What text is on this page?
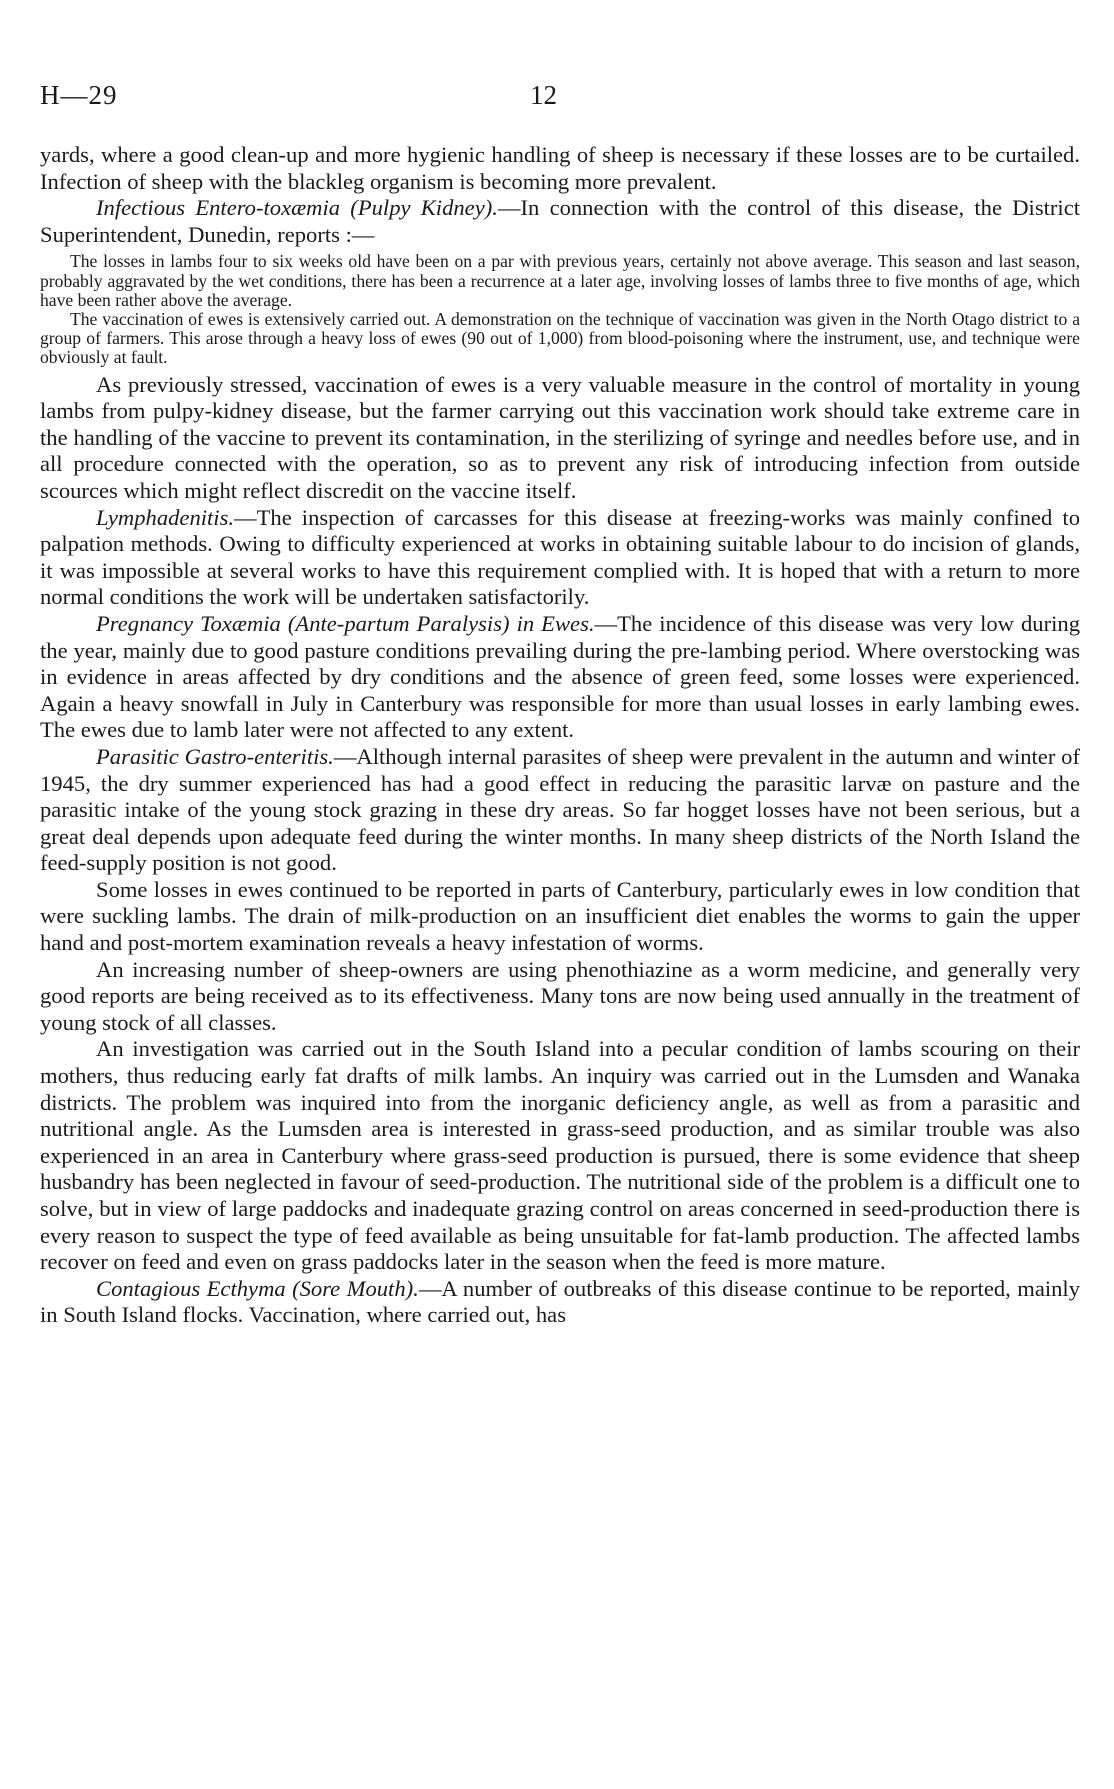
H—29	12

yards, where a good clean-up and more hygienic handling of sheep is necessary if these losses are to be curtailed. Infection of sheep with the blackleg organism is becoming more prevalent.

Infectious Entero-toxæmia (Pulpy Kidney).—In connection with the control of this disease, the District Superintendent, Dunedin, reports :—

The losses in lambs four to six weeks old have been on a par with previous years, certainly not above average. This season and last season, probably aggravated by the wet conditions, there has been a recurrence at a later age, involving losses of lambs three to five months of age, which have been rather above the average.

The vaccination of ewes is extensively carried out. A demonstration on the technique of vaccination was given in the North Otago district to a group of farmers. This arose through a heavy loss of ewes (90 out of 1,000) from blood-poisoning where the instrument, use, and technique were obviously at fault.

As previously stressed, vaccination of ewes is a very valuable measure in the control of mortality in young lambs from pulpy-kidney disease, but the farmer carrying out this vaccination work should take extreme care in the handling of the vaccine to prevent its contamination, in the sterilizing of syringe and needles before use, and in all procedure connected with the operation, so as to prevent any risk of introducing infection from outside scources which might reflect discredit on the vaccine itself.

Lymphadenitis.—The inspection of carcasses for this disease at freezing-works was mainly confined to palpation methods. Owing to difficulty experienced at works in obtaining suitable labour to do incision of glands, it was impossible at several works to have this requirement complied with. It is hoped that with a return to more normal conditions the work will be undertaken satisfactorily.

Pregnancy Toxæmia (Ante-partum Paralysis) in Ewes.—The incidence of this disease was very low during the year, mainly due to good pasture conditions prevailing during the pre-lambing period. Where overstocking was in evidence in areas affected by dry conditions and the absence of green feed, some losses were experienced. Again a heavy snowfall in July in Canterbury was responsible for more than usual losses in early lambing ewes. The ewes due to lamb later were not affected to any extent.

Parasitic Gastro-enteritis.—Although internal parasites of sheep were prevalent in the autumn and winter of 1945, the dry summer experienced has had a good effect in reducing the parasitic larvæ on pasture and the parasitic intake of the young stock grazing in these dry areas. So far hogget losses have not been serious, but a great deal depends upon adequate feed during the winter months. In many sheep districts of the North Island the feed-supply position is not good.

Some losses in ewes continued to be reported in parts of Canterbury, particularly ewes in low condition that were suckling lambs. The drain of milk-production on an insufficient diet enables the worms to gain the upper hand and post-mortem examination reveals a heavy infestation of worms.

An increasing number of sheep-owners are using phenothiazine as a worm medicine, and generally very good reports are being received as to its effectiveness. Many tons are now being used annually in the treatment of young stock of all classes.

An investigation was carried out in the South Island into a pecular condition of lambs scouring on their mothers, thus reducing early fat drafts of milk lambs. An inquiry was carried out in the Lumsden and Wanaka districts. The problem was inquired into from the inorganic deficiency angle, as well as from a parasitic and nutritional angle. As the Lumsden area is interested in grass-seed production, and as similar trouble was also experienced in an area in Canterbury where grass-seed production is pursued, there is some evidence that sheep husbandry has been neglected in favour of seed-production. The nutritional side of the problem is a difficult one to solve, but in view of large paddocks and inadequate grazing control on areas concerned in seed-production there is every reason to suspect the type of feed available as being unsuitable for fat-lamb production. The affected lambs recover on feed and even on grass paddocks later in the season when the feed is more mature.

Contagious Ecthyma (Sore Mouth).—A number of outbreaks of this disease continue to be reported, mainly in South Island flocks. Vaccination, where carried out, has
